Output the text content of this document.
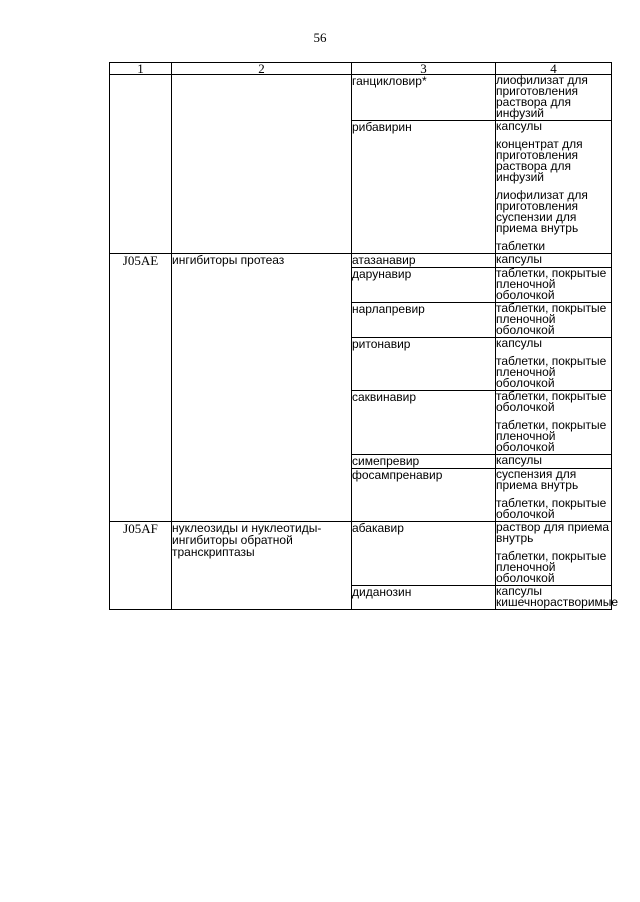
56
1	2	3	4
		ганцикловир*	лиофилизат для приготовления раствора для инфузий

		рибавирин	капсулы
концентрат для приготовления раствора для инфузий
лиофилизат для приготовления суспензии для приема внутрь
таблетки

J05AE	ингибиторы протеаз	атазанавир	капсулы

		дарунавир	таблетки, покрытые пленочной оболочкой

		нарлапревир	таблетки, покрытые пленочной оболочкой

		ритонавир	капсулы
таблетки, покрытые пленочной оболочкой

		саквинавир	таблетки, покрытые оболочкой
таблетки, покрытые пленочной оболочкой

		симепревир	капсулы

		фосампренавир	суспензия для приема внутрь
таблетки, покрытые оболочкой

J05AF	нуклеозиды и нуклеотиды-ингибиторы обратной транскриптазы	абакавир	раствор для приема внутрь
таблетки, покрытые пленочной оболочкой

		диданозин	капсулы кишечнорастворимые
